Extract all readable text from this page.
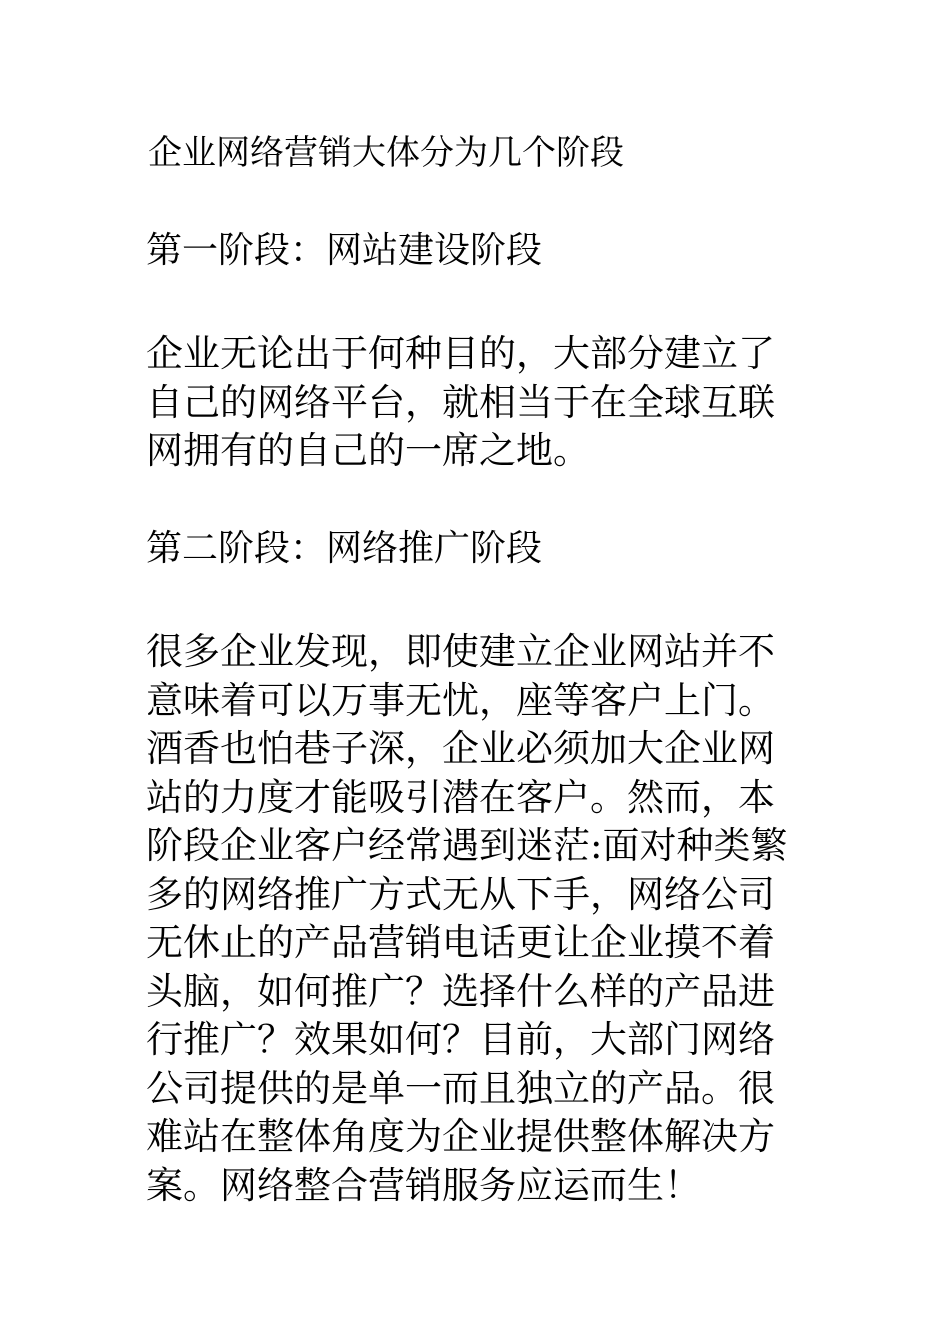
企业网络营销大体分为几个阶段
第一阶段：网站建设阶段

企业无论出于何种目的，大部分建立了
自己的网络平台，就相当于在全球互联
网拥有的自己的一席之地。

第二阶段：网络推广阶段

很多企业发现，即使建立企业网站并不
意味着可以万事无忧，座等客户上门。
酒香也怕巷子深，企业必须加大企业网
站的力度才能吸引潜在客户。然而，本
阶段企业客户经常遇到迷茫:面对种类繁
多的网络推广方式无从下手，网络公司
无休止的产品营销电话更让企业摸不着
头脑，如何推广？选择什么样的产品进
行推广？效果如何？目前，大部门网络
公司提供的是单一而且独立的产品。很
难站在整体角度为企业提供整体解决方
案。网络整合营销服务应运而生！
